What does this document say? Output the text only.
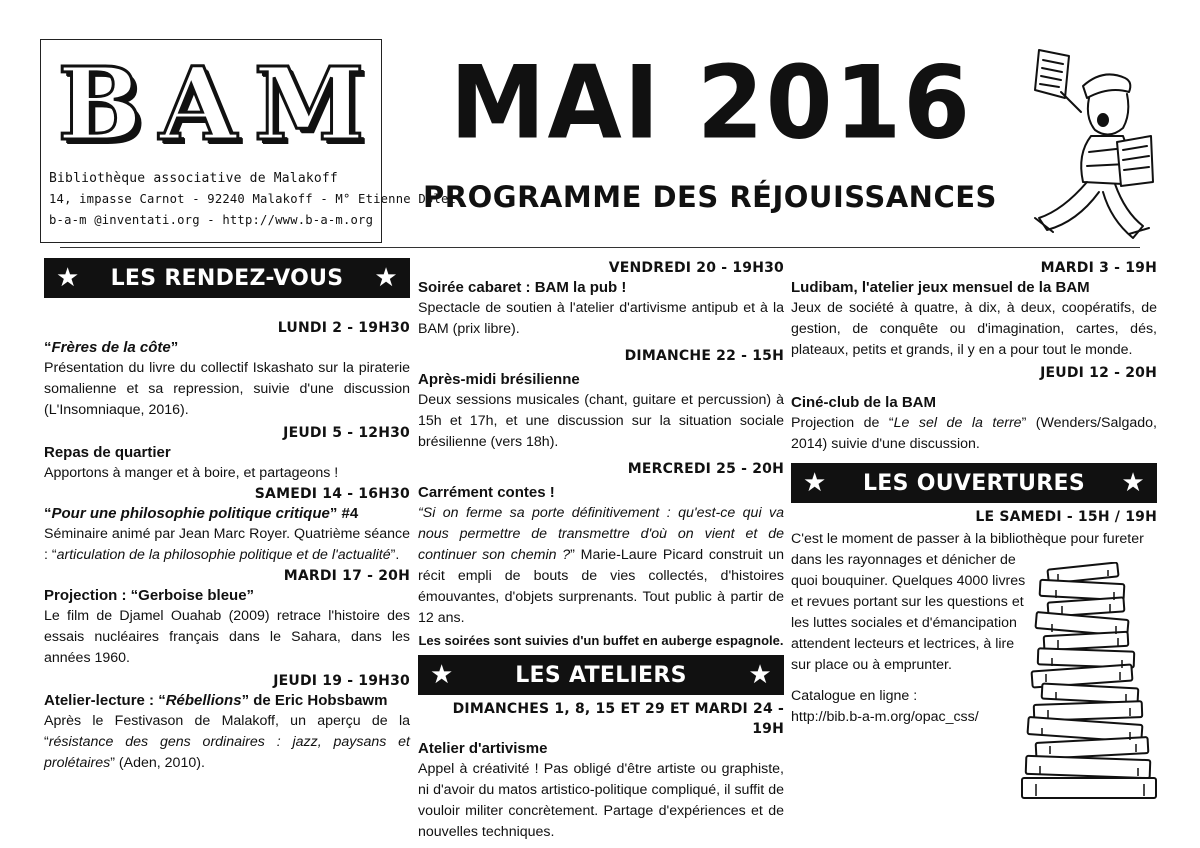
B A M
Bibliothèque associative de Malakoff
14, impasse Carnot - 92240 Malakoff - M° Etienne Dolet
b-a-m @inventati.org - http://www.b-a-m.org
MAI 2016
PROGRAMME DES RÉJOUISSANCES
★	LES RENDEZ-VOUS	★
LUNDI 2 - 19H30
“Frères de la côte”
Présentation du livre du collectif Iskashato sur la piraterie somalienne et sa repression, suivie d'une discussion (L'Insomniaque, 2016).
JEUDI 5 - 12H30
Repas de quartier
Apportons à manger et à boire, et partageons !
SAMEDI 14 - 16H30
“Pour une philosophie politique critique” #4
Séminaire animé par Jean Marc Royer. Quatrième séance : “articulation de la philosophie politique et de l'actualité”.
MARDI 17 - 20H
Projection : “Gerboise bleue”
Le film de Djamel Ouahab (2009) retrace l'histoire des essais nucléaires français dans le Sahara, dans les années 1960.
JEUDI 19 - 19H30
Atelier-lecture : “Rébellions” de Eric Hobsbawm
Après le Festivason de Malakoff, un aperçu de la “résistance des gens ordinaires : jazz, paysans et prolétaires” (Aden, 2010).
VENDREDI 20 - 19H30
Soirée cabaret : BAM la pub !
Spectacle de soutien à l'atelier d'artivisme antipub et à la BAM (prix libre).
DIMANCHE 22 - 15H
Après-midi brésilienne
Deux sessions musicales (chant, guitare et percussion) à 15h et 17h, et une discussion sur la situation sociale brésilienne (vers 18h).
MERCREDI 25 - 20H
Carrément contes !
“Si on ferme sa porte définitivement : qu'est-ce qui va nous permettre de transmettre d'où on vient et de continuer son chemin ?” Marie-Laure Picard construit un récit empli de bouts de vies collectés, d'histoires émouvantes, d'objets surprenants. Tout public à partir de 12 ans.
Les soirées sont suivies d'un buffet en auberge espagnole.
★	LES ATELIERS	★
DIMANCHES 1, 8, 15 ET 29 ET MARDI 24 - 19H
Atelier d'artivisme
Appel à créativité ! Pas obligé d'être artiste ou graphiste, ni d'avoir du matos artistico-politique compliqué, il suffit de vouloir militer concrètement. Partage d'expériences et de nouvelles techniques.
MARDI 3 - 19H
Ludibam, l'atelier jeux mensuel de la BAM
Jeux de société à quatre, à dix, à deux, coopératifs, de gestion, de conquête ou d'imagination, cartes, dés, plateaux, petits et grands, il y en a pour tout le monde.
JEUDI 12 - 20H
Ciné-club de la BAM
Projection de “Le sel de la terre” (Wenders/Salgado, 2014) suivie d'une discussion.
★	LES OUVERTURES	★
LE SAMEDI - 15H / 19H
C'est le moment de passer à la bibliothèque pour fureter
dans les rayonnages et dénicher de
quoi bouquiner. Quelques 4000 livres
et revues portant sur les questions et
les luttes sociales et d'émancipation
attendent lecteurs et lectrices, à lire
sur place ou à emprunter.
Catalogue en ligne :
http://bib.b-a-m.org/opac_css/
